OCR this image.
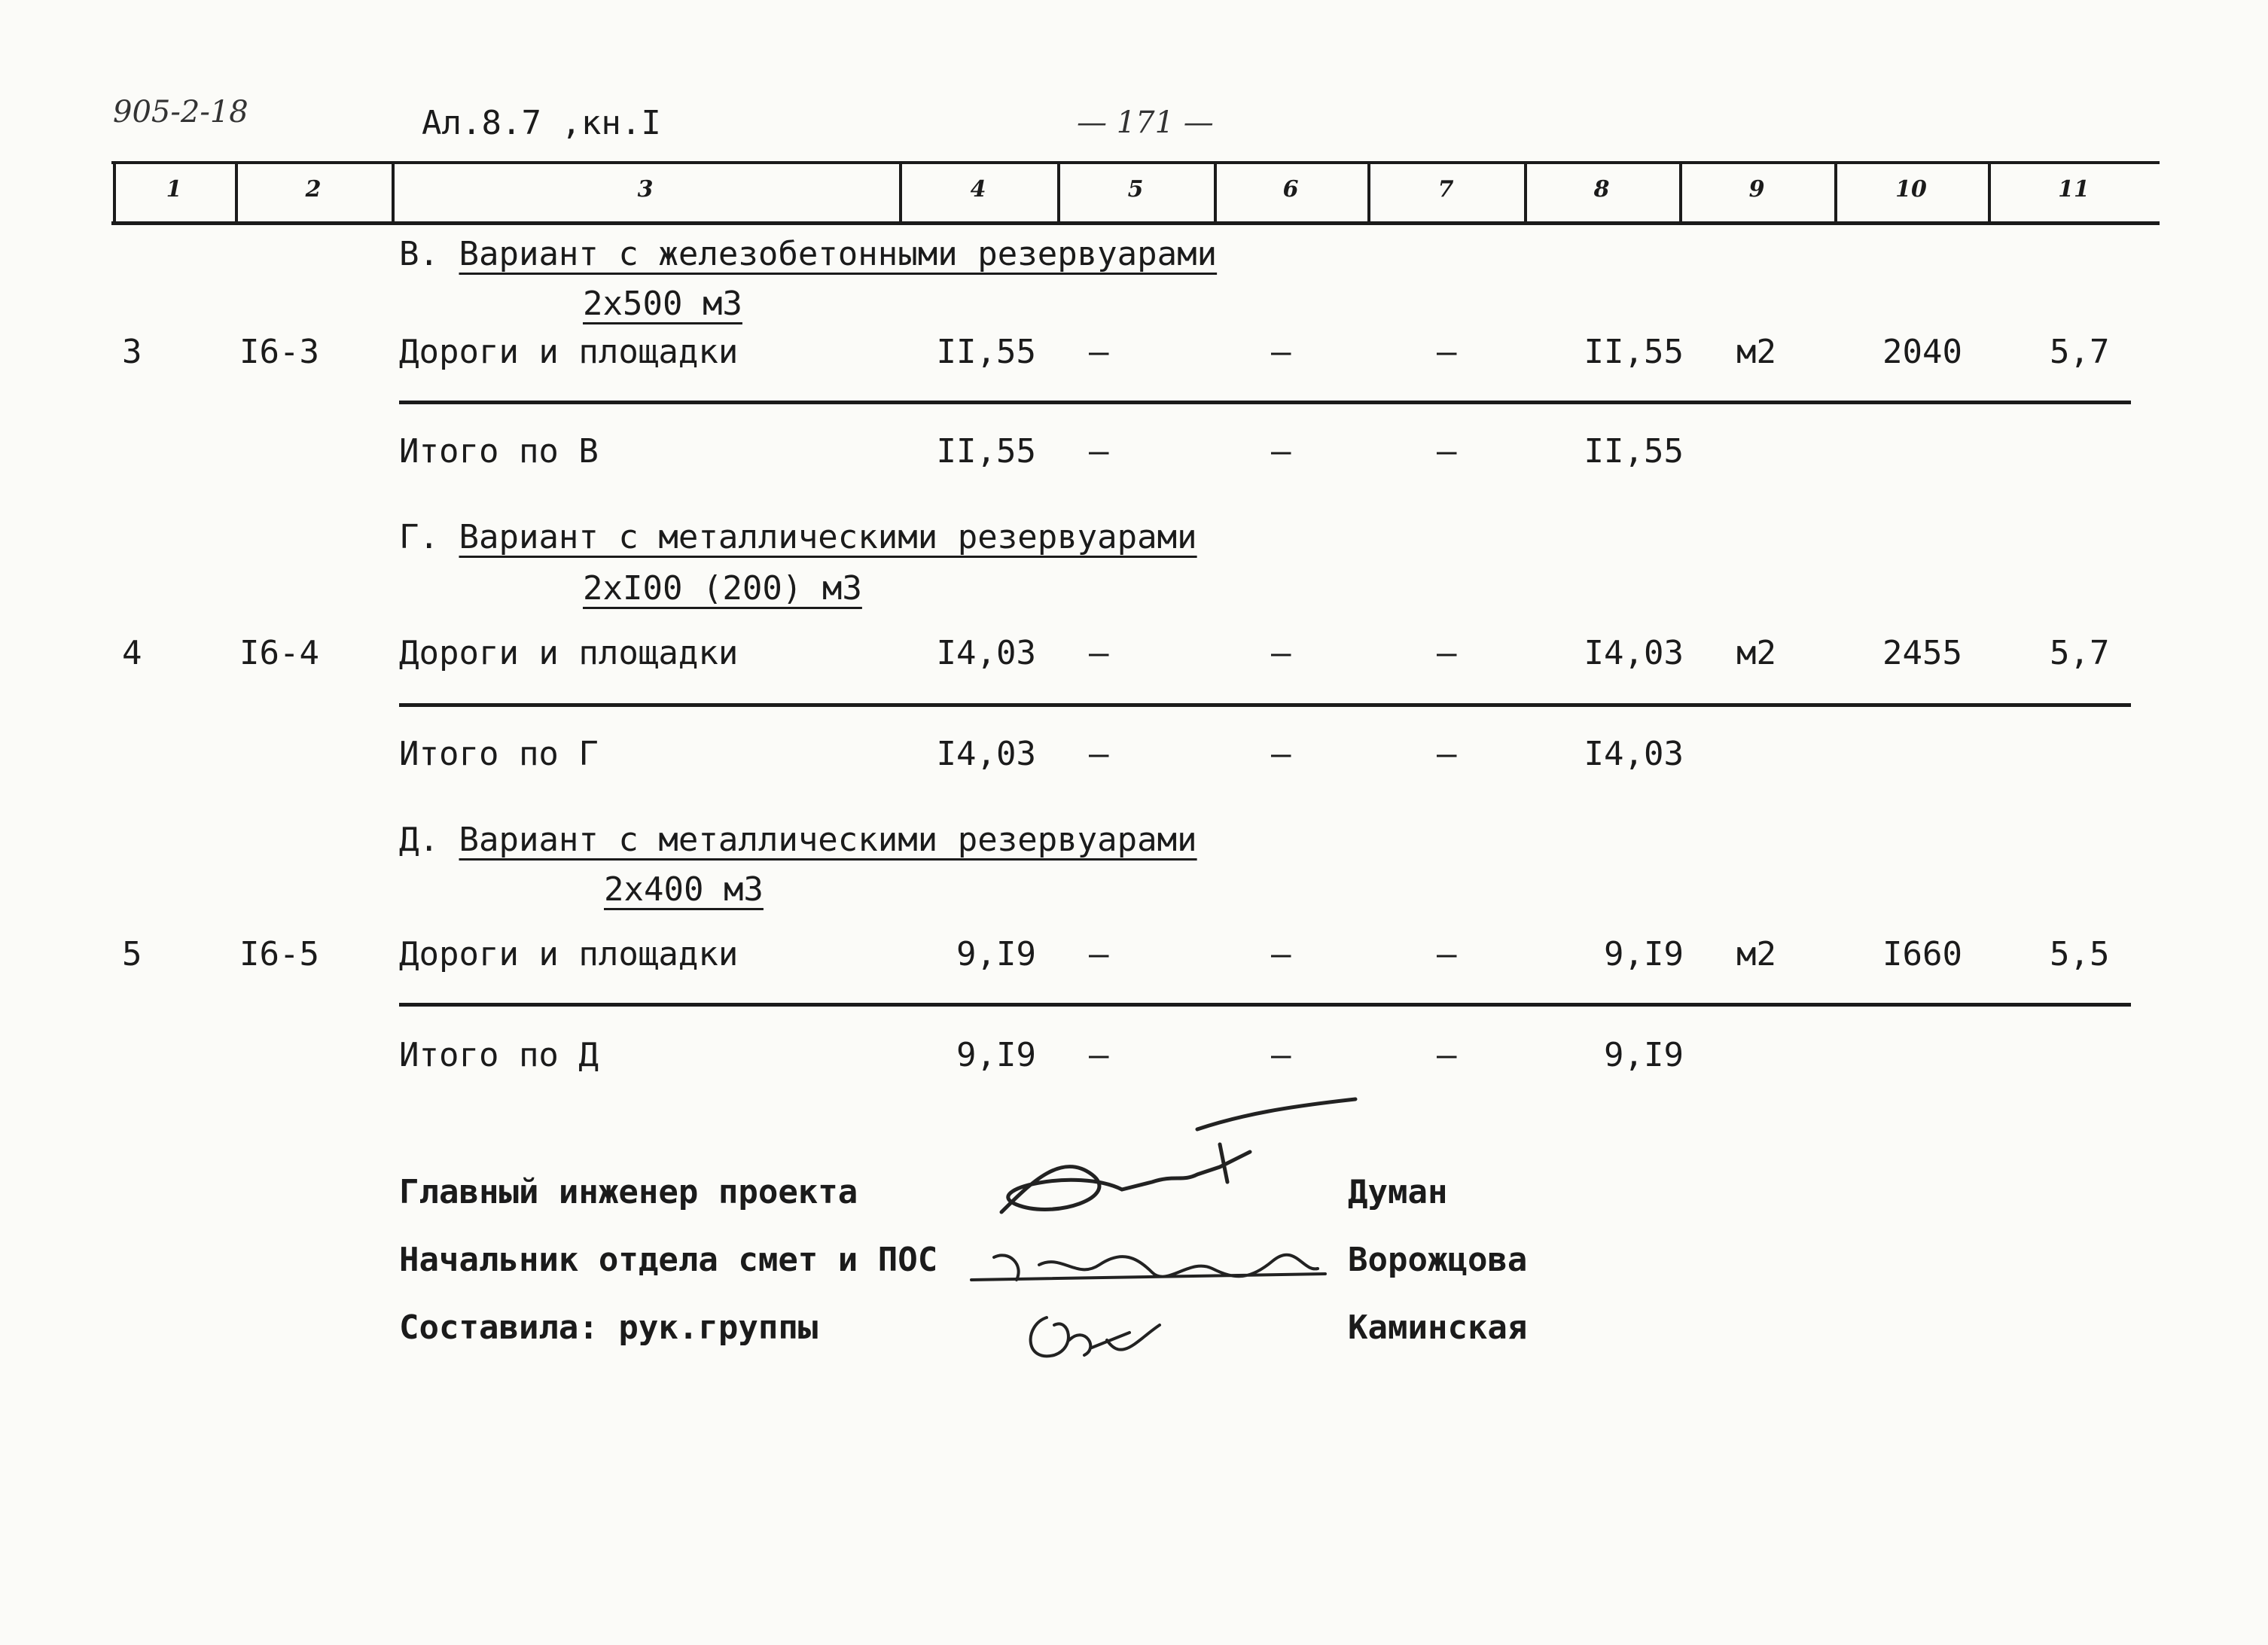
905-2-18	Ал.8.7 ,кн.I	— 171 —
1	2	3	4	5	6	7	8	9	10	11
В. Вариант с железобетонными резервуарами
2х500 м3
3	I6-3 Дороги и площадки	II,55 –	–	–	II,55 м2	2040	5,7
Итого по В	II,55 –	–	–	II,55
Г. Вариант с металлическими резервуарами
2хI00 (200) м3
4	I6-4 Дороги и площадки	I4,03 –	–	–	I4,03 м2	2455	5,7
Итого по Г	I4,03 –	–	–	I4,03
Д. Вариант с металлическими резервуарами
2х400 м3
5	I6-5 Дороги и площадки	9,I9 –	–	–	9,I9 м2	I660	5,5
Итого по Д	9,I9 –	–	–	9,I9
Главный инженер проекта	Думан
Начальник отдела смет и ПОС	Ворожцова
Составила: рук.группы	Каминская
